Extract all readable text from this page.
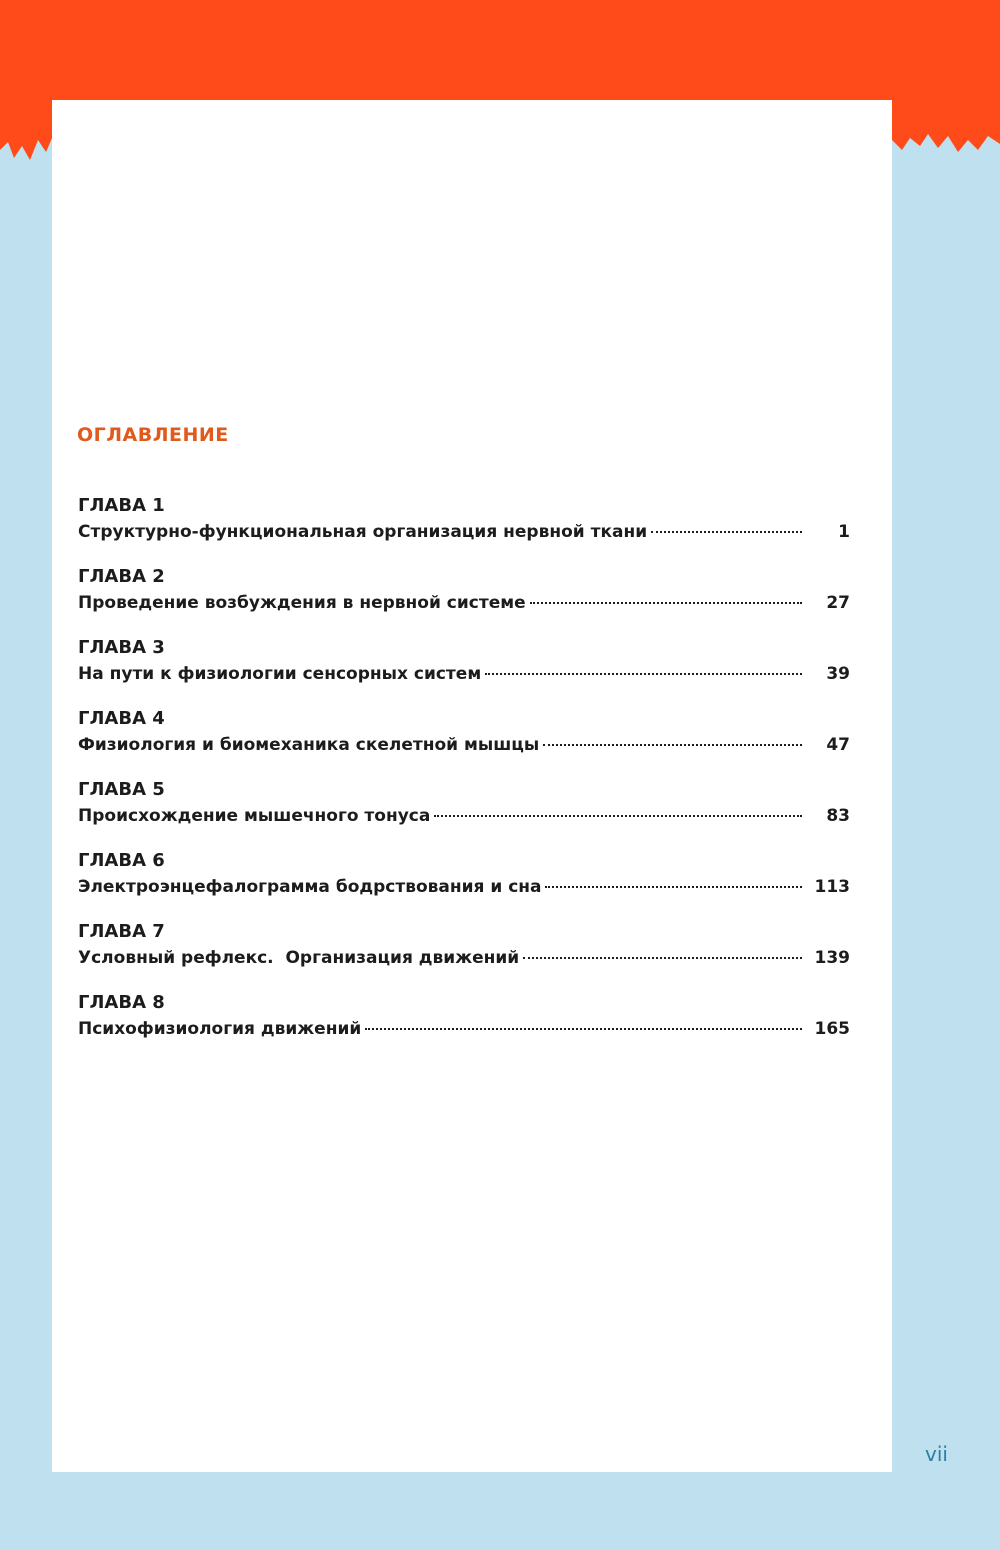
ОГЛАВЛЕНИЕ
ГЛАВА 1
Структурно-функциональная организация нервной ткани	1
ГЛАВА 2
Проведение возбуждения в нервной системе	27
ГЛАВА 3
На пути к физиологии сенсорных систем	39
ГЛАВА 4
Физиология и биомеханика скелетной мышцы	47
ГЛАВА 5
Происхождение мышечного тонуса	83
ГЛАВА 6
Электроэнцефалограмма бодрствования и сна	113
ГЛАВА 7
Условный рефлекс.  Организация движений	139
ГЛАВА 8
Психофизиология движений	165
vii
